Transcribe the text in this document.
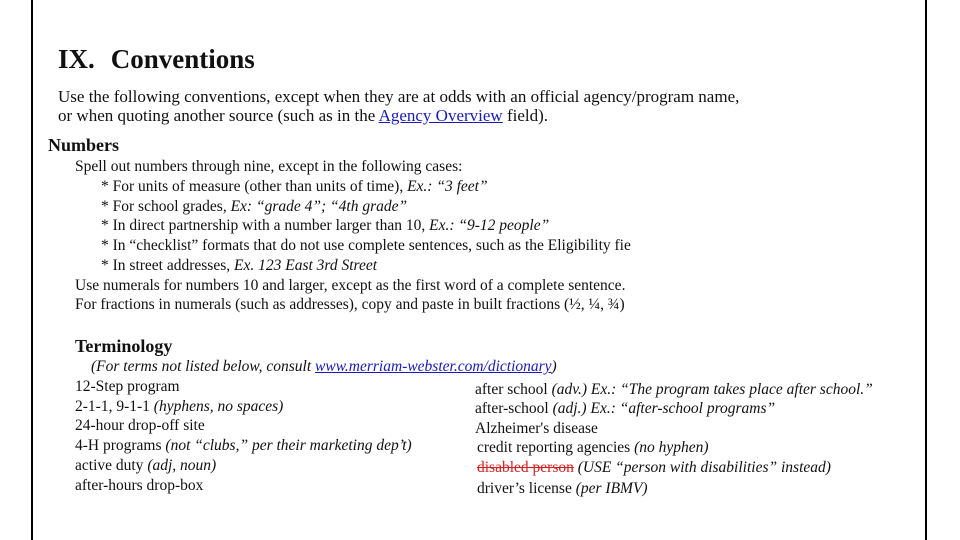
IX. Conventions
Use the following conventions, except when they are at odds with an official agency/program name,
or when quoting another source (such as in the Agency Overview field).
Numbers
Spell out numbers through nine, except in the following cases:
* For units of measure (other than units of time), Ex.: “3 feet”
* For school grades, Ex: “grade 4”; “4th grade”
* In direct partnership with a number larger than 10, Ex.: “9-12 people”
* In “checklist” formats that do not use complete sentences, such as the Eligibility fie
* In street addresses, Ex. 123 East 3rd Street
Use numerals for numbers 10 and larger, except as the first word of a complete sentence.
For fractions in numerals (such as addresses), copy and paste in built fractions (½, ¼, ¾)
Terminology
(For terms not listed below, consult www.merriam-webster.com/dictionary)
12-Step program
2-1-1, 9-1-1 (hyphens, no spaces)
24-hour drop-off site
4-H programs (not “clubs,” per their marketing dep’t)
active duty (adj, noun)
after-hours drop-box
after school (adv.) Ex.: “The program takes place after school.”
after-school (adj.) Ex.: “after-school programs”
Alzheimer's disease
credit reporting agencies (no hyphen)
disabled person (USE “person with disabilities” instead)
driver’s license (per IBMV)
